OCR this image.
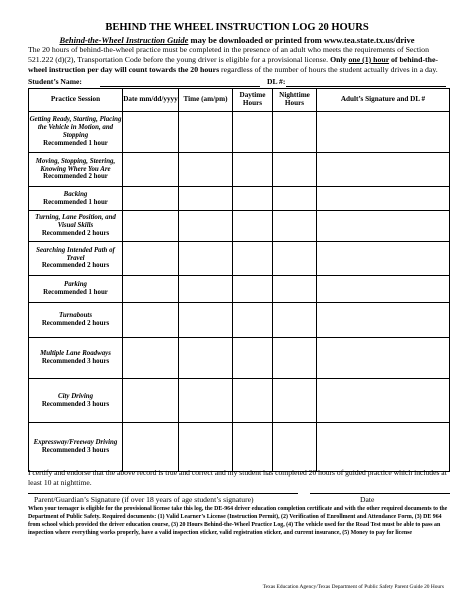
BEHIND THE WHEEL INSTRUCTION LOG 20 HOURS
Behind-the-Wheel Instruction Guide may be downloaded or printed from www.tea.state.tx.us/drive
The 20 hours of behind-the-wheel practice must be completed in the presence of an adult who meets the requirements of Section 521.222 (d)(2), Transportation Code before the young driver is eligible for a provisional license. Only one (1) hour of behind-the-wheel instruction per day will count towards the 20 hours regardless of the number of hours the student actually drives in a day.
Student’s Name:	DL #:
Practice Session	Date mm/dd/yyyy	Time (am/pm)	Daytime Hours	Nighttime Hours	Adult’s Signature and DL #

Getting Ready, Starting, Placing the Vehicle in Motion, and Stopping
Recommended 1 hour					

Moving, Stopping, Steering, Knowing Where You Are
Recommended 2 hour					

Backing
Recommended 1 hour					

Turning, Lane Position, and Visual Skills
Recommended 2 hours					

Searching Intended Path of Travel
Recommended 2 hours					

Parking
Recommended 1 hour					

Turnabouts
Recommended 2 hours					

Multiple Lane Roadways
Recommended 3 hours					

City Driving
Recommended 3 hours					

Expressway/Freeway Driving
Recommended 3 hours					

I certify and endorse that the above record is true and correct and my student has completed 20 hours of guided practice which includes at least 10 at nighttime.
Parent/Guardian’s Signature (if over 18 years of age student’s signature)	Date
When your teenager is eligible for the provisional license take this log, the DE-964 driver education completion certificate and with the other required documents to the Department of Public Safety. Required documents: (1) Valid Learner’s License (Instruction Permit), (2) Verification of Enrollment and Attendance Form, (3) DE 964 from school which provided the driver education course, (3) 20 Hours Behind-the-Wheel Practice Log, (4) The vehicle used for the Road Test must be able to pass an inspection where everything works properly, have a valid inspection sticker, valid registration sticker, and current insurance, (5) Money to pay for license
Texas Education Agency/Texas Department of Public Safety Parent Guide 20 Hours
